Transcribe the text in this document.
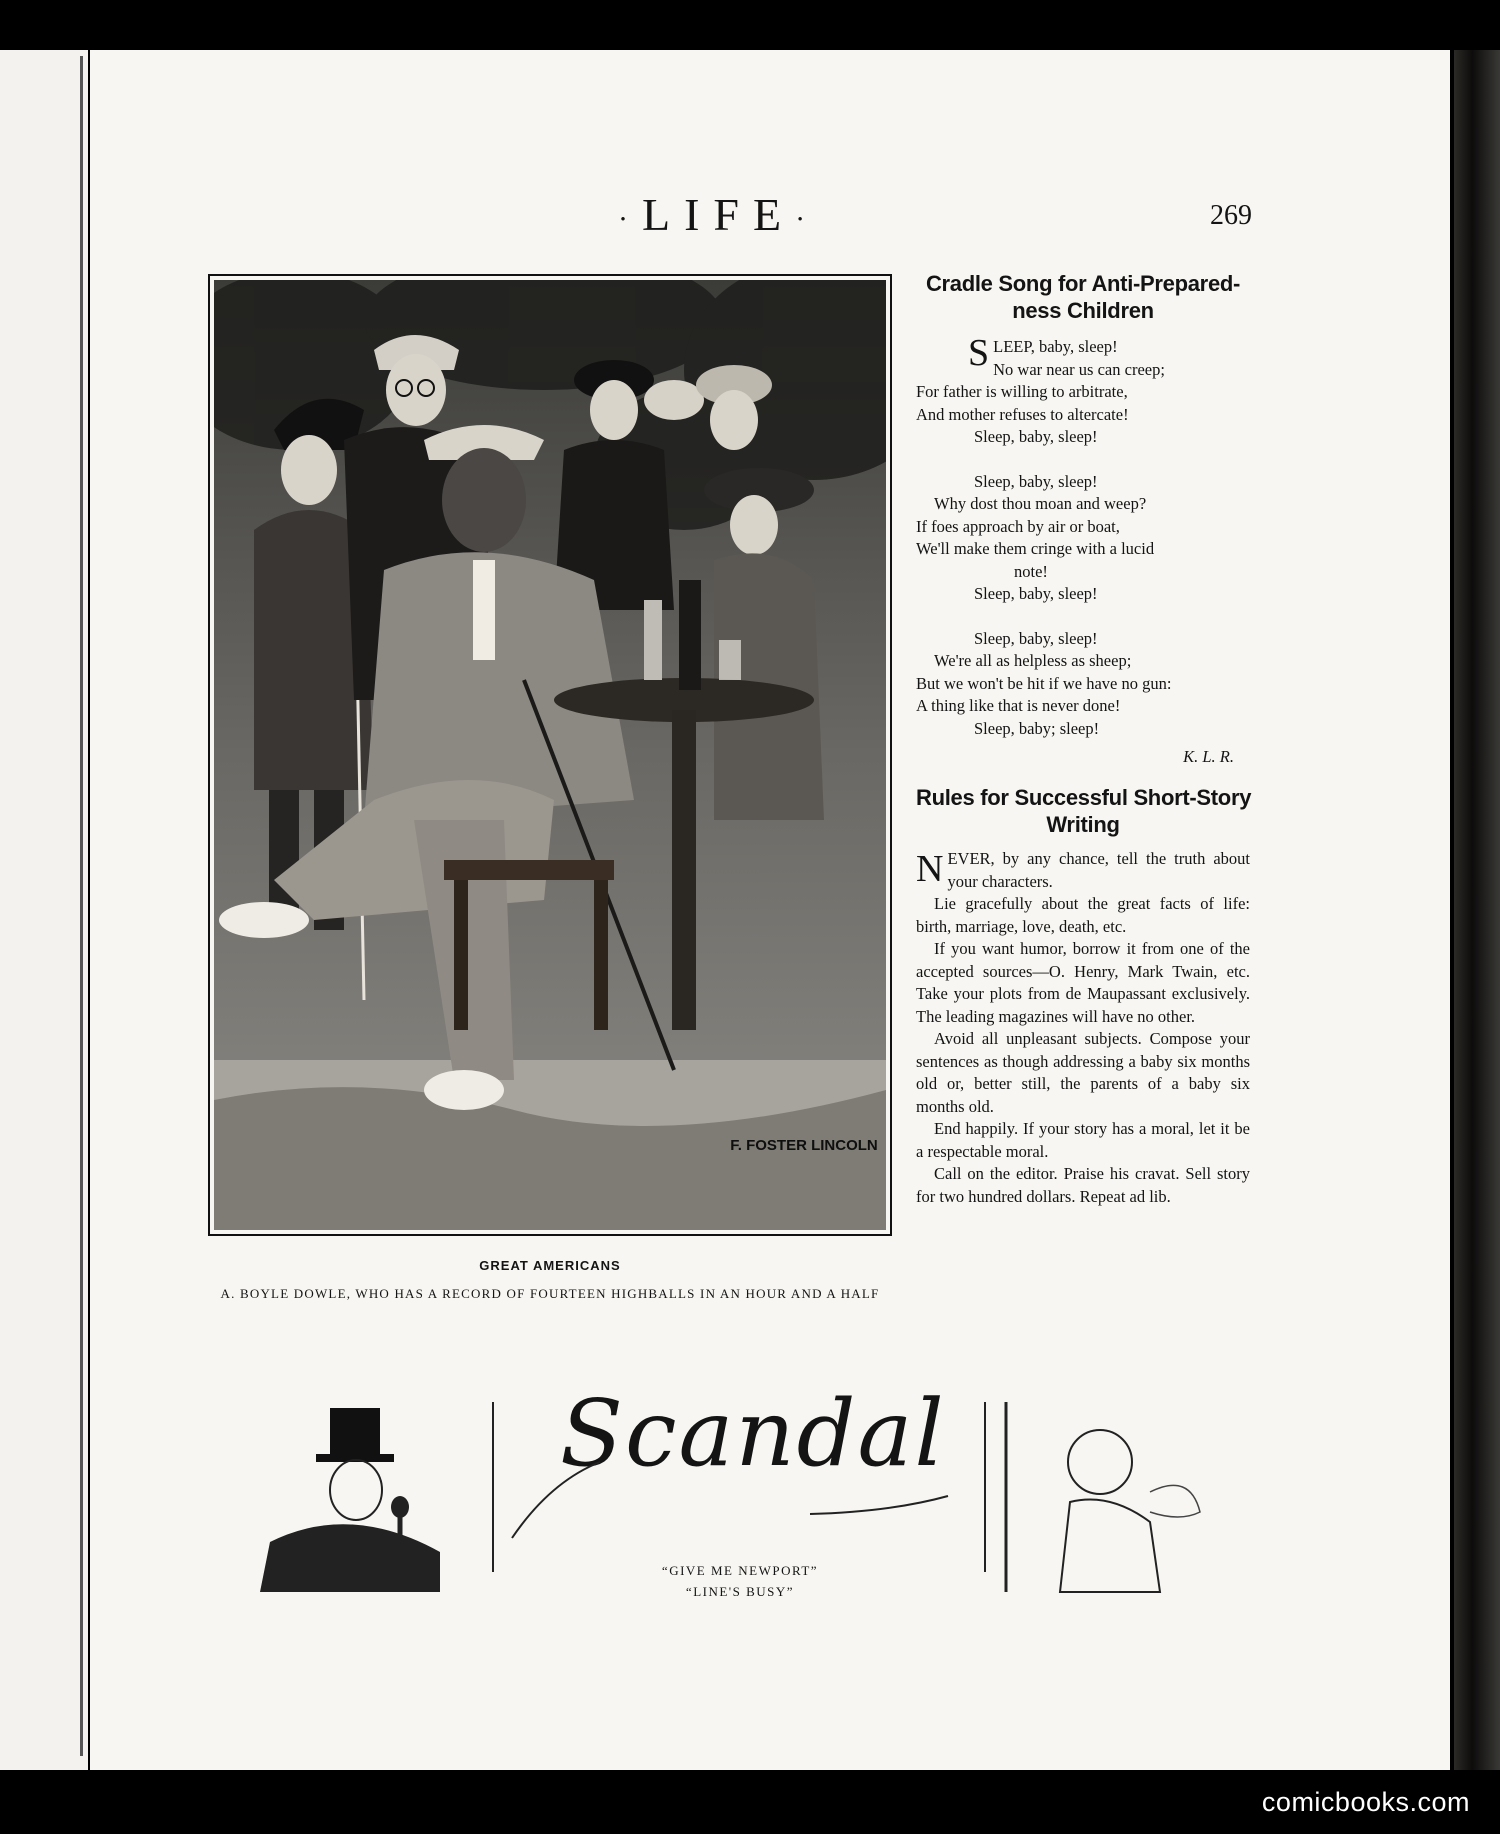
·LIFE·	269
F. FOSTER LINCOLN
GREAT AMERICANS
A. BOYLE DOWLE, WHO HAS A RECORD OF FOURTEEN HIGHBALLS IN AN HOUR AND A HALF
Cradle Song for Anti-Prepared-
ness Children
S LEEP, baby, sleep!
No war near us can creep;
For father is willing to arbitrate,
And mother refuses to altercate!
Sleep, baby, sleep!
Sleep, baby, sleep!
Why dost thou moan and weep?
If foes approach by air or boat,
We'll make them cringe with a lucid
note!
Sleep, baby, sleep!
Sleep, baby, sleep!
We're all as helpless as sheep;
But we won't be hit if we have no gun:
A thing like that is never done!
Sleep, baby; sleep!
K. L. R.
Rules for Successful Short-Story
Writing

NEVER, by any chance, tell the truth about your characters.

Lie gracefully about the great facts of life: birth, marriage, love, death, etc.

If you want humor, borrow it from one of the accepted sources—O. Henry, Mark Twain, etc. Take your plots from de Maupassant exclusively. The leading magazines will have no other.

Avoid all unpleasant subjects. Compose your sentences as though addressing a baby six months old or, better still, the parents of a baby six months old.

End happily. If your story has a moral, let it be a respectable moral.

Call on the editor. Praise his cravat. Sell story for two hundred dollars. Repeat ad lib.

Scandal
“GIVE ME NEWPORT”
“LINE'S BUSY”
comicbooks.com
